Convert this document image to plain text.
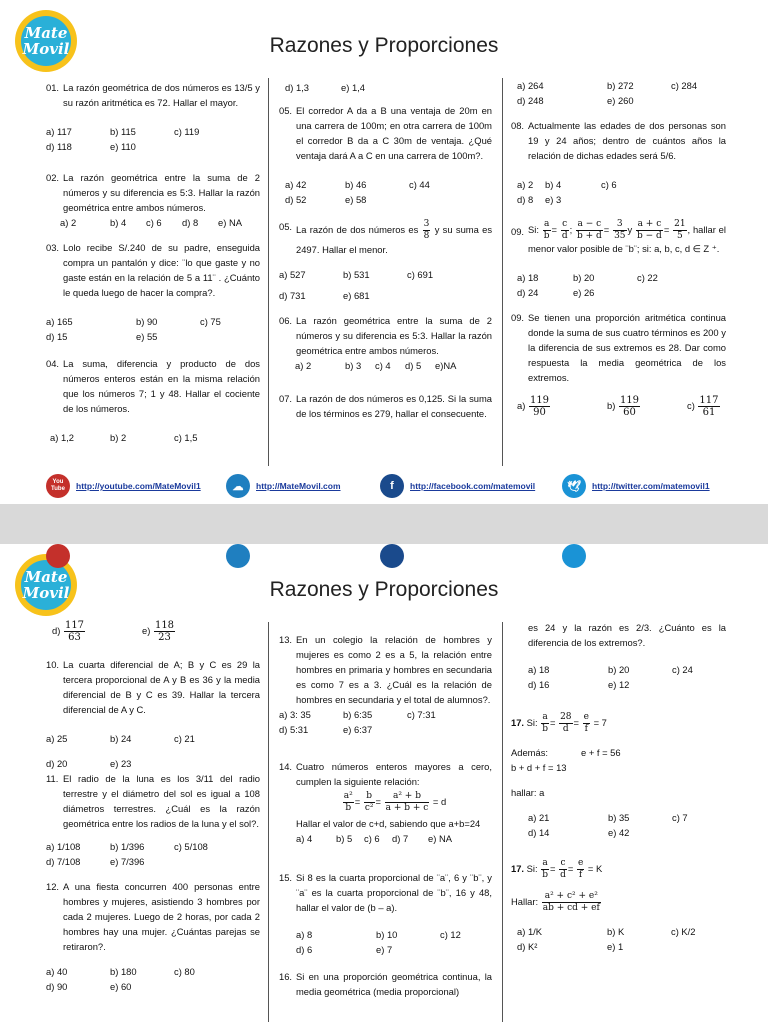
Mate Movil	Razones y Proporciones
01. La razón geométrica de dos números es 13/5 y su razón aritmética es 72. Hallar el mayor.

a) 117	b) 115	c) 119
d) 118	e) 110
02. La razón geométrica entre la suma de 2 números y su diferencia es 5:3. Hallar la razón geométrica entre ambos números.

a) 2	b) 4	c) 6	d) 8	e) NA
03. Lolo recibe S/.240 de su padre, enseguida compra un pantalón y dice: ¨lo que gaste y no gaste están en la relación de 5 a 11¨ . ¿Cuánto le queda luego de hacer la compra?.

a) 165	b) 90	c) 75
d) 15	e) 55
04. La suma, diferencia y producto de dos números enteros están en la misma relación que los números 7; 1 y 48. Hallar el cociente de los números.

a) 1,2	b) 2	c) 1,5
d) 1,3	e) 1,4
05. El corredor A da a B una ventaja de 20m en una carrera de 100m; en otra carrera de 100m el corredor B da a C 30m de ventaja. ¿Qué ventaja dará A a C en una carrera de 100m?.

a) 42	b) 46	c) 44
d) 52	e) 58
05. La razón de dos números es $\frac{3}{8}$ y su suma es 2497. Hallar el menor.

a) 527	b) 531	c) 691
d) 731	e) 681
06. La razón geométrica entre la suma de 2 números y su diferencia es 5:3. Hallar la razón geométrica entre ambos números.

a) 2	b) 3	c) 4	d) 5	e)NA
07. La razón de dos números es 0,125. Si la suma de los términos es 279, hallar el consecuente.

a) 264	b) 272	c) 284
d) 248	e) 260
08. Actualmente las edades de dos personas son 19 y 24 años; dentro de cuántos años la relación de dichas edades será 5/6.

a) 2	b) 4	c) 6
d) 8	e) 3
09. Si: $\frac{a}{b} = \frac{c}{d}$ ; $\frac{a - c}{b + d} = \frac{3}{35}$ y $\frac{a + c}{b - d} = \frac{21}{5}$ , hallar el menor valor posible de ¨b¨; si: a, b, c, d ∈ Z ⁺.

a) 18	b) 20	c) 22
d) 24	e) 26
09. Se tienen una proporción aritmética continua donde la suma de sus cuatro términos es 200 y la diferencia de sus extremos es 28. Dar como respuesta la media geométrica de los extremos.

$a) \frac{119}{90}$	$b) \frac{119}{60}$	$c) \frac{117}{61}$
You Tube	http://youtube.com/MateMovil1	☁	http://MateMovil.com	f	http://facebook.com/matemovil	🕊	http://twitter.com/matemovil1
Mate Movil	Razones y Proporciones
$d) \frac{117}{63}$	$e) \frac{118}{23}$
10. La cuarta diferencial de A; B y C es 29 la tercera proporcional de A y B es 36 y la media diferencial de B y C es 39. Hallar la tercera diferencial de A y C.

a) 25	b) 24	c) 21
d) 20	e) 23
11. El radio de la luna es los 3/11 del radio terrestre y el diámetro del sol es igual a 108 diámetros terrestres. ¿Cuál es la razón geométrica entre los radios de la luna y el sol?.

a) 1/108	b) 1/396	c) 5/108
d) 7/108	e) 7/396
12. A una fiesta concurren 400 personas entre hombres y mujeres, asistiendo 3 hombres por cada 2 mujeres. Luego de 2 horas, por cada 2 hombres hay una mujer. ¿Cuántas parejas se retiraron?.

a) 40	b) 180	c) 80
d) 90	e) 60
13. En un colegio la relación de hombres y mujeres es como 2 es a 5, la relación entre hombres en primaria y hombres en secundaria es como 7 es a 3. ¿Cuál es la relación de hombres en secundaria y el total de alumnos?.

a) 3: 35	b) 6:35	c) 7:31
d) 5:31	e) 6:37
14. Cuatro números enteros mayores a cero, cumplen la siguiente relación:

$\frac{\text{a²}}{b} = \frac{b}{\text{c²}} = \frac{\text{a² + b}}{a + b + c} = d$

Hallar el valor de c+d, sabiendo que a+b=24

a) 4	b) 5	c) 6	d) 7	e) NA
15. Si 8 es la cuarta proporcional de ¨a¨, 6 y ¨b¨, y ¨a¨ es la cuarta proporcional de ¨b¨, 16 y 48, hallar el valor de (b – a).

a) 8	b) 10	c) 12
d) 6	e) 7
16. Si en una proporción geométrica continua, la media geométrica (media proporcional)

es 24 y la razón es 2/3. ¿Cuánto es la diferencia de los extremos?.

a) 18	b) 20	c) 24
d) 16	e) 12

17. Si: $\frac{a}{b} = \frac{28}{d} = \frac{e}{f} = 7$

Además:	e + f = 56

b + d + f = 13

hallar: a

a) 21	b) 35	c) 7
d) 14	e) 42

17. Si: $\frac{a}{b} = \frac{c}{d} = \frac{e}{f} = K$

Hallar: $\frac{\text{a² + c² + e²}}{ab + cd + ef}$

a) 1/K	b) K	c) K/2
d) K²	e) 1
